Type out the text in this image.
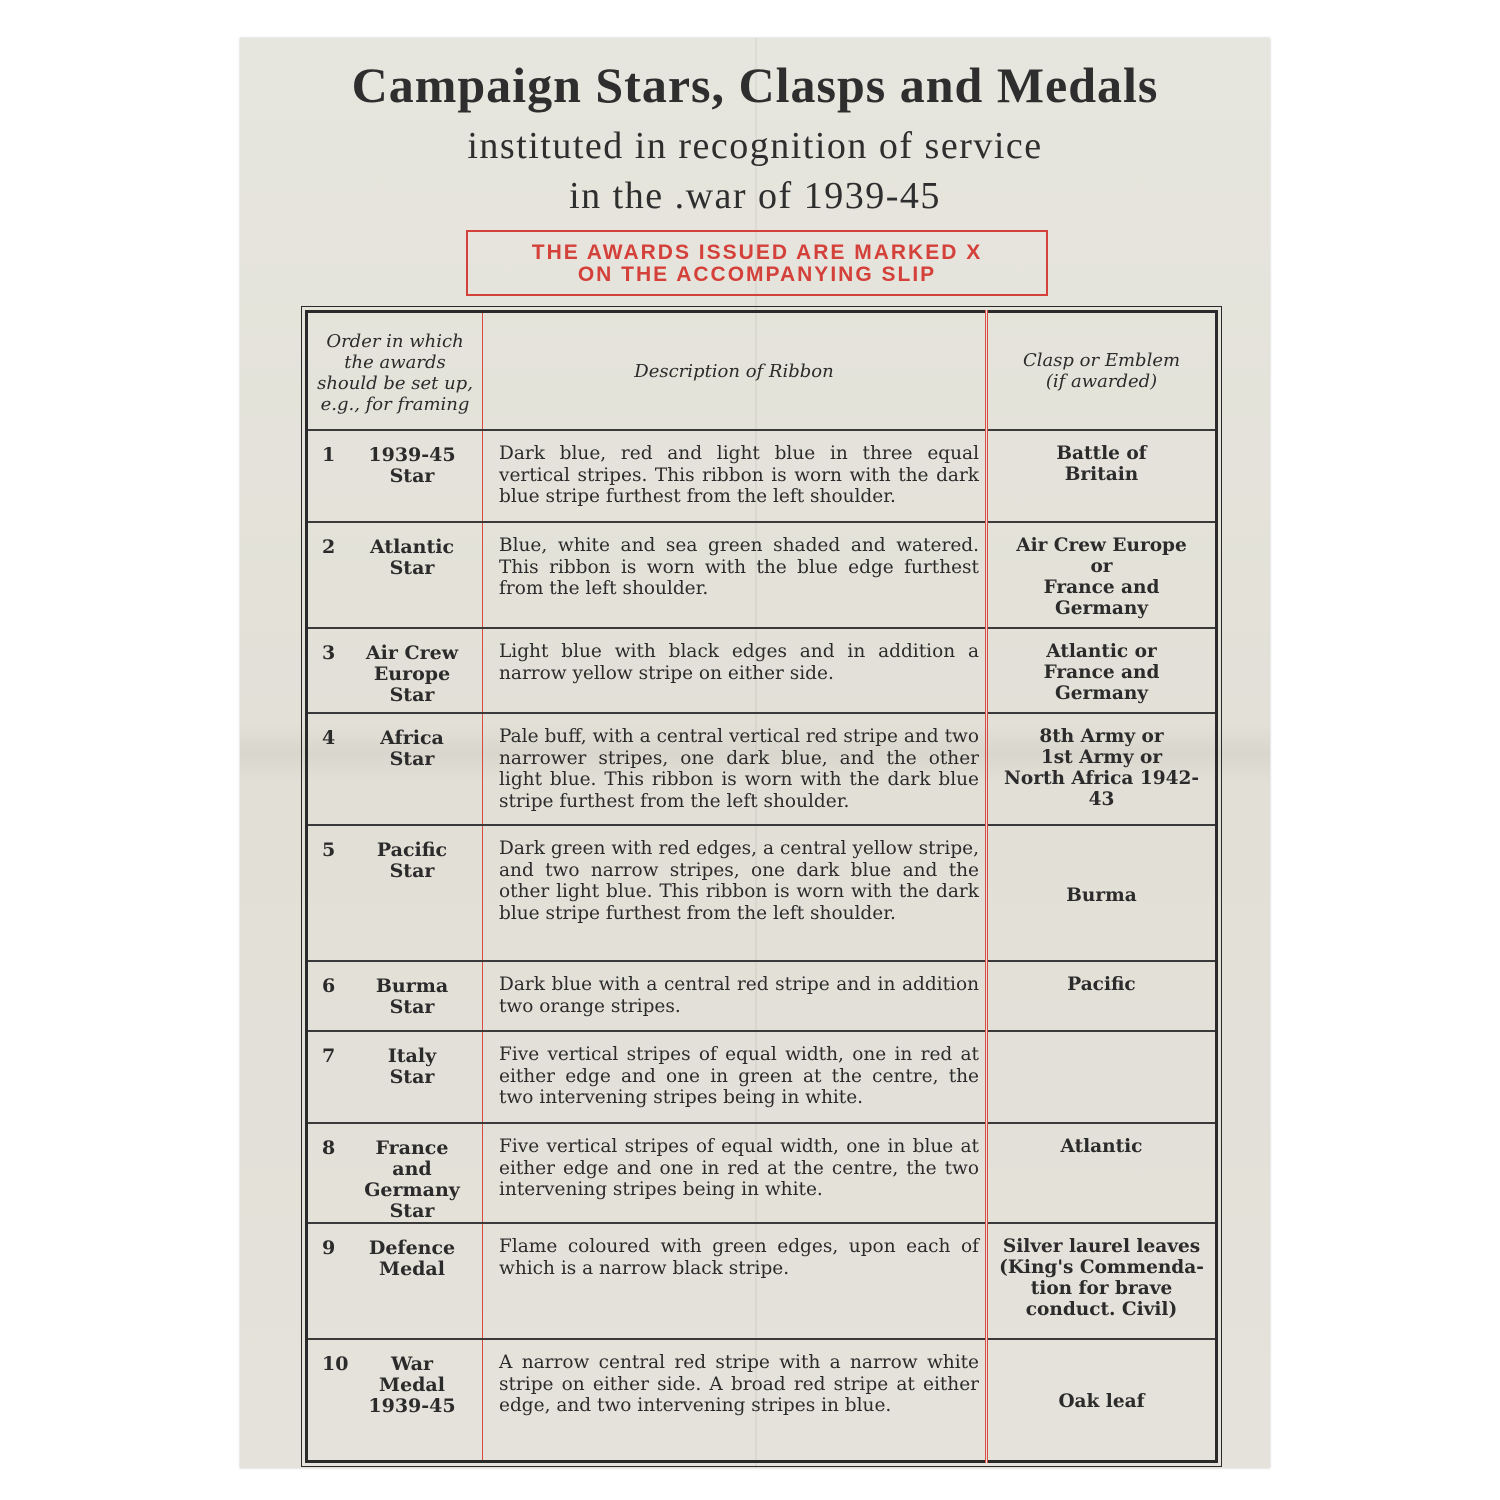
Campaign Stars, Clasps and Medals
instituted in recognition of service
in the .war of 1939-45
THE AWARDS ISSUED ARE MARKED X
ON THE ACCOMPANYING SLIP
Order in which the awards should be set up, e.g., for framing	Description of Ribbon	Clasp or Emblem
(if awarded)

1 1939-45
Star	Dark blue, red and light blue in three equal vertical stripes. This ribbon is worn with the dark blue stripe furthest from the left shoulder.	Battle of
Britain

2 Atlantic
Star	Blue, white and sea green shaded and watered. This ribbon is worn with the blue edge furthest from the left shoulder.	Air Crew Europe
or
France and Germany

3 Air Crew
Europe Star	Light blue with black edges and in addition a narrow yellow stripe on either side.	Atlantic or
France and Germany

4 Africa
Star	Pale buff, with a central vertical red stripe and two narrower stripes, one dark blue, and the other light blue. This ribbon is worn with the dark blue stripe furthest from the left shoulder.	8th Army or
1st Army or
North Africa 1942-43

5 Pacific
Star	Dark green with red edges, a central yellow stripe, and two narrow stripes, one dark blue and the other light blue. This ribbon is worn with the dark blue stripe furthest from the left shoulder.	Burma

6 Burma
Star	Dark blue with a central red stripe and in addition two orange stripes.	Pacific

7 Italy
Star	Five vertical stripes of equal width, one in red at either edge and one in green at the centre, the two intervening stripes being in white.	

8 France
and Germany
Star	Five vertical stripes of equal width, one in blue at either edge and one in red at the centre, the two intervening stripes being in white.	Atlantic

9 Defence
Medal	Flame coloured with green edges, upon each of which is a narrow black stripe.	Silver laurel leaves
(King's Commenda-
tion for brave
conduct. Civil)

10 War
Medal
1939-45	A narrow central red stripe with a narrow white stripe on either side. A broad red stripe at either edge, and two intervening stripes in blue.	Oak leaf
